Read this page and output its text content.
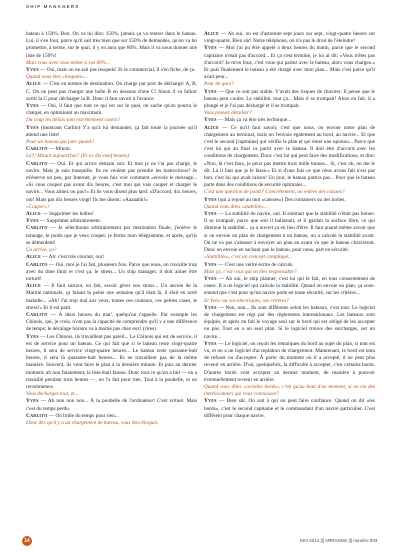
SHIP MANAGERS

bateau à 150%. Bon. On va lui dire: 150%, jamais ça va rentrer dans le bateau. Lui, il s'en fout, parce qu'il sait très bien que sur 150% de demandés, qu'on va lui promettre, à terme, sur le quai, il y en aura que 80%. Mais il va nous donner une liste de 150%!

Mais vous avez vous-même à vos 80%...

Yves — Oui, mais on ne sait pas lesquels! Et le commercial, il s'en fiche, de ça.

Quand vous êtes «lesquels»...

Alice — C'est en termes de destination. On charge par port de déchargé: A, B, C. On ne peut pas charger une boîte B en dessous d'une C! Sinon il va falloir sortir la C pour décharger la B. Donc il faut savoir à l'avance.

Yves — Oui, il faut que tout ce qui est sur le quai, on sache qu'on pourra le charger, en optimisant au maximum.

Du coup les délais sont extrêmement courts?

Yves (montrant Carlito) Y'a qu'à lui demander, ça fait toute la journée qu'il attend une liste!

Pour un bateau qui part quand?

Carlito — Minuit.

Là?! Minuit aujourd'hui? (Et ici dix-neuf heures)

Carlito — Oui. Et qui arrive demain soir. Et moi je ne l'ai pas chargé, le navire. Mais je suis tranquille. Ils ne veulent pas prendre les instructions? Je m'énerve un peu, par Internet, je vous fais voir comment «envoie le message... «Si vous coupez pas avant dix heures, c'est moi qui vais couper et charger le navire... Vous aimez ou pas?» Et ils vous disent plus tard: «D'accord, dix heures, oui! Mais pas dix heures vingt! Ils me disent: «Aaaaahh!»

«Couper»?

Alice — Supprimer les boîtes!

Yves — Supprimer arbitrairement.

Carlito — Je sélectionne arbitrairement par destination finale, j'enlève le tonnage, le poids que je veux couper, je ferme mon télégramme, et après, qu'ils se démerdent!

Ça arrive, ça?

Alice — Ah: c'est très courant, oui!

Carlito — Oui, moi je l'ai fait, plusieurs fois. Parce que nous, on travaille trop avec du time limit et c'est ça, le stress... Un ship manager, il doit aimer être torturé!

Alice — Il faut surtout, en fait, savoir gérer son stress... Un ancien de la Marine nationale, ça faisait la peine une semaine qu'il était là, il était en arrêt maladie... «Ah! J'ai trop mal aux yeux, toutes ces couleurs, ces petites cases, le stress!» Et il est parti.

Carlito — À deux heures du mat', quelqu'un t'appelle. Par exemple les Chinois, qui, je crois, n'ont pas la capacité de comprendre qu'il y a une différence de temps; le décalage horaire va à moitié pas chez eux! (rires)

Yves — Les Chinois, ils travaillent pas pareil... Le Chinois qui est de service, il est de service pour un bateau. Ce qui fait que si le bateau reste vingt-quatre heures, il sera de service vingt-quatre heures... Le bateau reste quarante-huit heures, il sera là quarante-huit heures... Ils ne travaillent pas de la même manière. Souvent, ils vont faire le plan à la dernière minute. Et puis au dernier moment: ah non finalement, la liste était fausse. Donc tout ce qu'on a fait — on a travaillé pendant trois heures —, on l'a fait pour rien. Tout à la poubelle, et on recommence.

Vous déchargez tout, et...

Yves — Ah non non non... À la poubelle de l'ordinateur! C'est virtuel. Mais c'est du temps perdu.

Carlito — On brûle du temps pour rien...

Donc dès qu'il y a un chargement de bateau, vous êtes bloqués.

Alice — Ah oui, on est d'astreinte sept jours sur sept, vingt-quatre heures sur vingt-quatre. Bien sûr! Notre téléphone, on n'a pas le droit de l'éteindre!

Yves — Moi j'ai pu être appelé à deux heures du matin, parce que le second capitaine n'était pas d'accord... Et ça s'est terminé, je lui ai dit: «Vous n'êtes pas d'accord? Je m'en fous, c'est vous qui partez avec le bateau, alors vous chargez.» Et puis finalement le bateau a été chargé avec mon plan... Mais c'est parce qu'il avait peur...

Peur de quoi?

Yves — Que ce soit pas stable. Y'avait des risques de chavirer. Il pense que le bateau peut couler. Le stabilité, tout ça... Mais il se trompait! Alors en fait, il a plongé et je l'ai pas déchargé et il se trompait.

Vous pouvez détailler?

Yves — Mais ça va être très technique...

Alice — Ce qu'il faut savoir, c'est que nous, on envoie notre plan de chargement au terminal, mais on l'envoie également au bord, au navire... Et que c'est le second [capitaine] qui vérifie le plan et qui émet une opinion... Parce que c'est lui qui au final va partir avec le bateau. Il doit être d'accord avec les conditions de chargement. Donc c'est lui qui peut faire des modifications, et dire: «Non, là c'est faux, je peux pas mettre trois mille tonnes... Si, c'est ok, on me le dit. Là il faut que je le fasse.» Et si d'une fois ce que nous avons fait n'est pas bon, c'est lui qui avait raison! Un jour, le bateau partira pas... Pour que le bateau parte dans des conditions de sécurité optimales...

C'est une question de poids? Concrètement, on enlève des caisses?

Yves (qui a rejoué au mot «caisses») Des containers ou des boîtes.

Quand vous dites «stabilité»...

Yves — La stabilité du navire, oui. Il estimait que la stabilité n'était pas bonne. Il se trompait, parce que soit il ballastait, et il gardait la surface libre, ce qui diminue la stabilité... ça a ouvert ça en lieu d'être. Il faut quand même savoir que si on envoie un plan de chargement à un bateau, on a calculé la stabilité avant. On ne va pas s'amuser à envoyer un plan en avant vu que le bateau chavirerait. Donc on envoie en sachant que le bateau, pour nous, part en sécurité.

«Stabilités», c'est un concept compliqué...

Yves — C'est une vérité écrite de calculs.

Mais ça, c'est vous qui en êtes responsable?

Yves — Ah oui, le ship planner, c'est lui qui le fait, en tous consentement de cause. Il a un logiciel qui calcule la stabilité. Quand on envoie un plan, ça sous-entend que c'est pour qu'un navire parte en toute sécurité, sur les critères...

Et Yves: ou vos électriques, ses critères?

Yves — Non, non... Ils sont différents selon les bateaux, c'est tout. Le logiciel de chargement est régi par des règlements internationaux. Les bateaux sont équipés, et après on fait le voyage seul sur le bord qui est obligé de les accepter ou pas. Tout en a un seul plan. Si le logiciel trouve des surcharges, sur un navire...

Yves — Le logiciel, on reçoit les remarques du bord au sujet du plan, si tout est vu, et on a un logiciel d'acceptation de chargement. Maintenant, le bord est tenu de refuser ou d'accepter. À partir du moment où il a accepté, il ne peut plus revenir en arrière. D'où, quelquefois, la difficulté à accepter, c'est certains bords. D'autres bords vont accepter au dernier moment, de manière à pouvoir éventuellement revenir en arrière.

Quand vous dites «certains bords», c'est qu'au bout d'un moment, si on est des interlocuteurs qui vous connaissez?

Yves — Bien sûr. On sait à qui on peut faire confiance. Quand on dit «les bords», c'est le second capitaine et le commandant d'un navire particulier. C'est différent pour chaque navire.

14	MAI 2014 ||| ARRANGE ||| numéro 003
